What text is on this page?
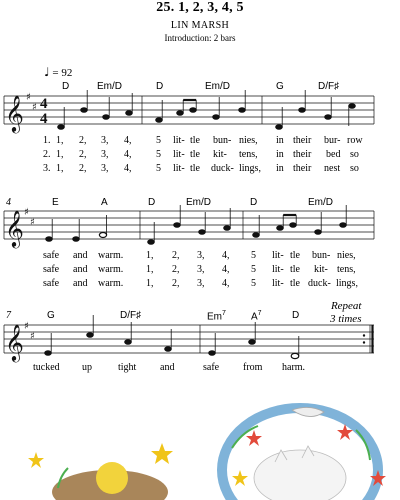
25. 1, 2, 3, 4, 5
LIN MARSH
Introduction: 2 bars
♩ = 92
D	Em/D	D	Em/D	G	D/F♯
4	E	A	D	Em/D	D	Em/D
7	G	D/F♯	Em$^7$	$A^7$	D
Repeat
3 times
1.
2.
3.
1, 2, 3, 4, 5 lit- tle bun- nies, in their bur- row
1, 2, 3, 4, 5 lit- tle kit- tens, in their bed so
1, 2, 3, 4, 5 lit- tle duck- lings, in their nest so
safe and warm. 1, 2, 3, 4, 5 lit- tle bun- nies,
safe and warm. 1, 2, 3, 4, 5 lit- tle kit- tens,
safe and warm. 1, 2, 3, 4, 5 lit- tle duck- lings,
tucked up	tight and	safe from harm.
𝄞
𝄞
𝄞
♯
♯
♯
♯
♯
♯
4
4
